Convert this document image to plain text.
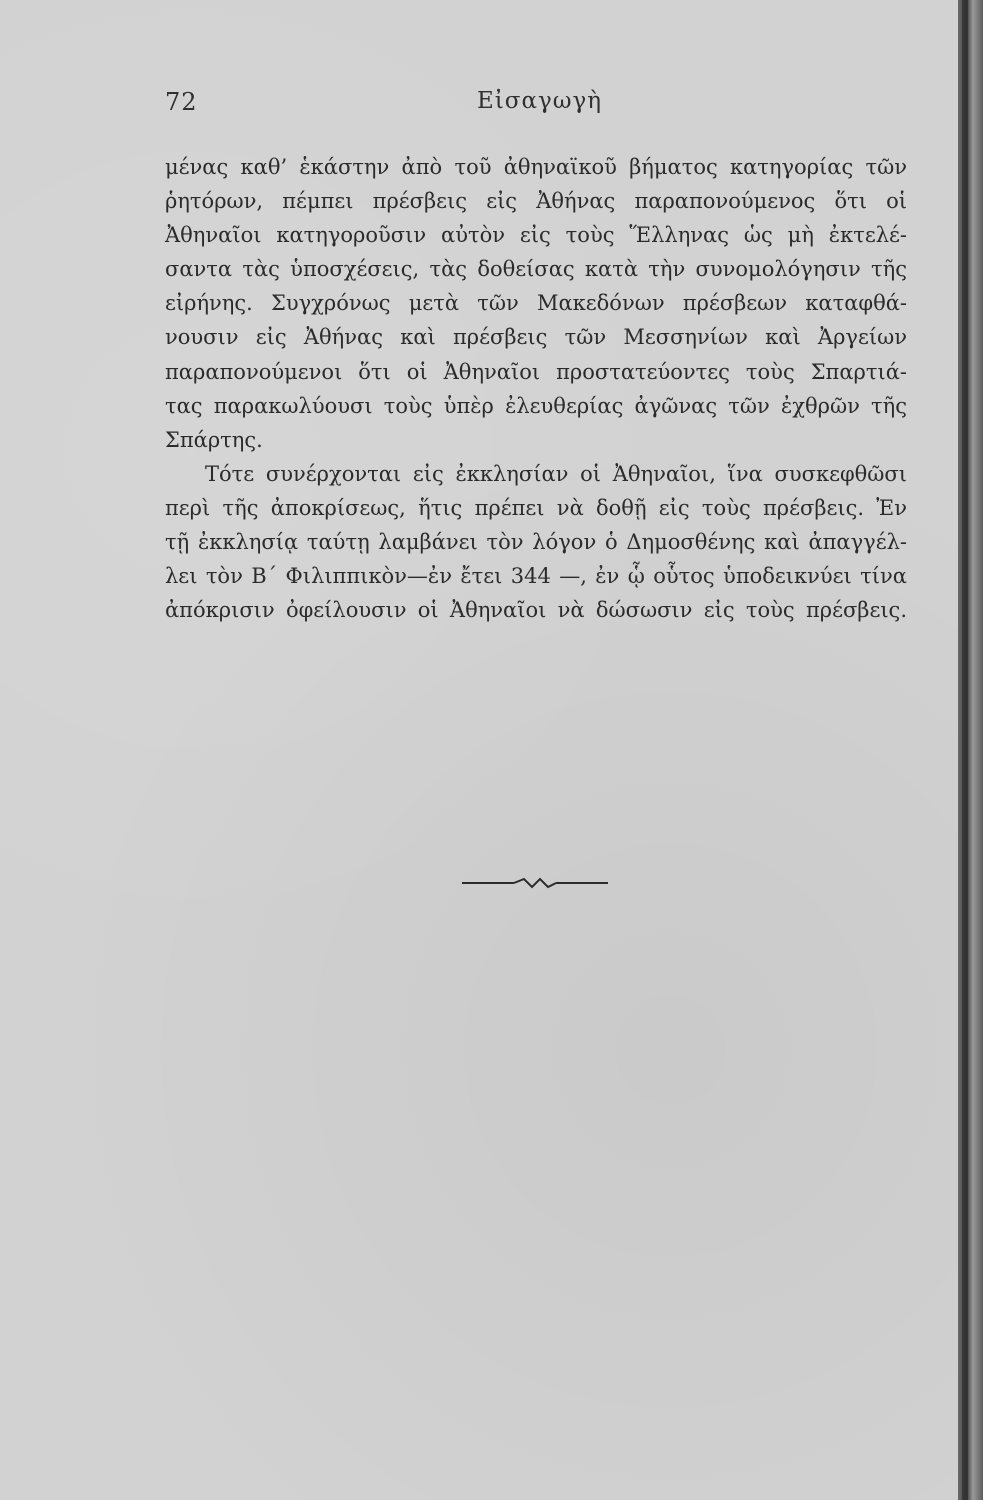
72	Εἰσαγωγὴ
μένας καθ’ ἑκάστην ἀπὸ τοῦ ἀθηναϊκοῦ βήματος κατηγορίας τῶν
ῥητόρων, πέμπει πρέσβεις εἰς Ἀθήνας παραπονούμενος ὅτι οἱ
Ἀθηναῖοι κατηγοροῦσιν αὐτὸν εἰς τοὺς Ἕλληνας ὡς μὴ ἐκτελέ-
σαντα τὰς ὑποσχέσεις, τὰς δοθείσας κατὰ τὴν συνομολόγησιν τῆς
εἰρήνης. Συγχρόνως μετὰ τῶν Μακεδόνων πρέσβεων καταφθά-
νουσιν εἰς Ἀθήνας καὶ πρέσβεις τῶν Μεσσηνίων καὶ Ἀργείων
παραπονούμενοι ὅτι οἱ Ἀθηναῖοι προστατεύοντες τοὺς Σπαρτιά-
τας παρακωλύουσι τοὺς ὑπὲρ ἐλευθερίας ἀγῶνας τῶν ἐχθρῶν τῆς
Σπάρτης.
Τότε συνέρχονται εἰς ἐκκλησίαν οἱ Ἀθηναῖοι, ἵνα συσκεφθῶσι
περὶ τῆς ἀποκρίσεως, ἥτις πρέπει νὰ δοθῇ εἰς τοὺς πρέσβεις. Ἐν
τῇ ἐκκλησίᾳ ταύτῃ λαμβάνει τὸν λόγον ὁ Δημοσθένης καὶ ἀπαγγέλ-
λει τὸν Β΄ Φιλιππικὸν—ἐν ἔτει 344 —, ἐν ᾧ οὗτος ὑποδεικνύει τίνα
ἀπόκρισιν ὀφείλουσιν οἱ Ἀθηναῖοι νὰ δώσωσιν εἰς τοὺς πρέσβεις.
